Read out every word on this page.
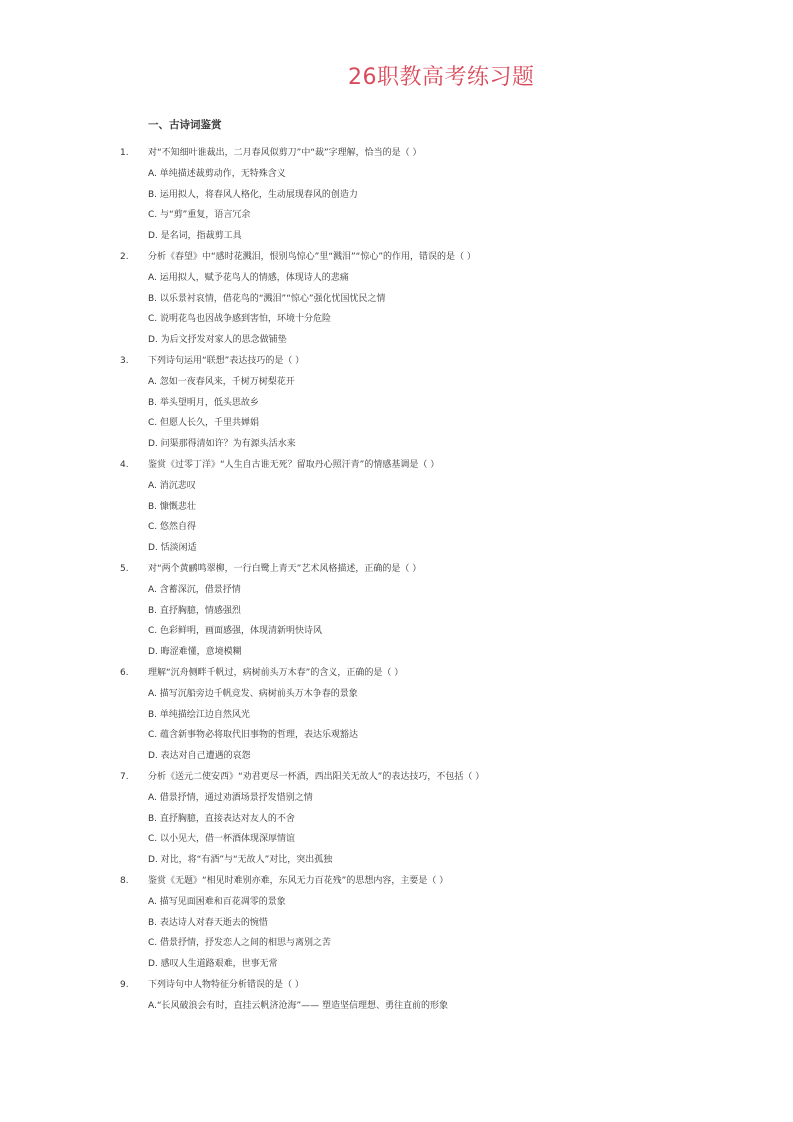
26职教高考练习题
一、古诗词鉴赏
1. 对“不知细叶谁裁出，二月春风似剪刀”中“裁”字理解，恰当的是（ ）
A. 单纯描述裁剪动作，无特殊含义
B. 运用拟人，将春风人格化，生动展现春风的创造力
C. 与“剪”重复，语言冗余
D. 是名词，指裁剪工具
2. 分析《春望》中“感时花溅泪，恨别鸟惊心”里“溅泪”“惊心”的作用，错误的是（ ）
A. 运用拟人，赋予花鸟人的情感，体现诗人的悲痛
B. 以乐景衬哀情，借花鸟的“溅泪”“惊心”强化忧国忧民之情
C. 说明花鸟也因战争感到害怕，环境十分危险
D. 为后文抒发对家人的思念做铺垫
3. 下列诗句运用“联想”表达技巧的是（ ）
A. 忽如一夜春风来，千树万树梨花开
B. 举头望明月，低头思故乡
C. 但愿人长久，千里共婵娟
D. 问渠那得清如许？为有源头活水来
4. 鉴赏《过零丁洋》“人生自古谁无死？留取丹心照汗青”的情感基调是（ ）
A. 消沉悲叹
B. 慷慨悲壮
C. 悠然自得
D. 恬淡闲适
5. 对“两个黄鹂鸣翠柳，一行白鹭上青天”艺术风格描述，正确的是（ ）
A. 含蓄深沉，借景抒情
B. 直抒胸臆，情感强烈
C. 色彩鲜明，画面感强，体现清新明快诗风
D. 晦涩难懂，意境模糊
6. 理解“沉舟侧畔千帆过，病树前头万木春”的含义，正确的是（ ）
A. 描写沉船旁边千帆竞发、病树前头万木争春的景象
B. 单纯描绘江边自然风光
C. 蕴含新事物必将取代旧事物的哲理，表达乐观豁达
D. 表达对自己遭遇的哀怨
7. 分析《送元二使安西》“劝君更尽一杯酒，西出阳关无故人”的表达技巧，不包括（ ）
A. 借景抒情，通过劝酒场景抒发惜别之情
B. 直抒胸臆，直接表达对友人的不舍
C. 以小见大，借一杯酒体现深厚情谊
D. 对比，将“有酒”与“无故人”对比，突出孤独
8. 鉴赏《无题》“相见时难别亦难，东风无力百花残”的思想内容，主要是（ ）
A. 描写见面困难和百花凋零的景象
B. 表达诗人对春天逝去的惋惜
C. 借景抒情，抒发恋人之间的相思与离别之苦
D. 感叹人生道路艰难，世事无常
9. 下列诗句中人物特征分析错误的是（ ）
A.“长风破浪会有时，直挂云帆济沧海”—— 塑造坚信理想、勇往直前的形象
